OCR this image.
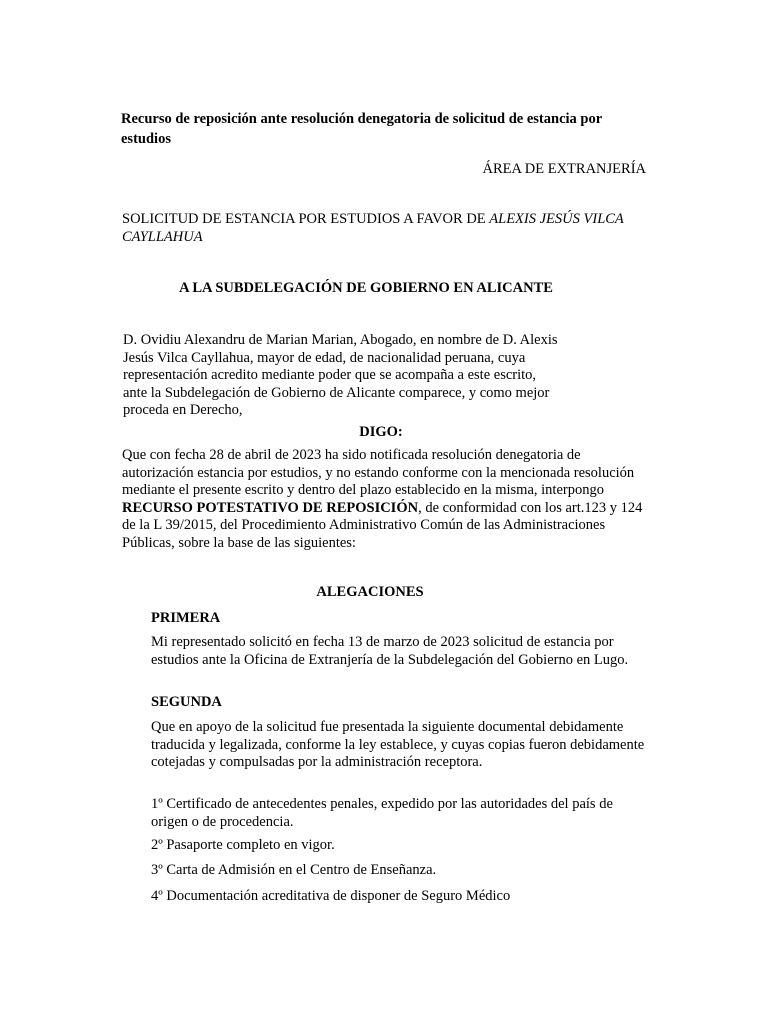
Recurso de reposición ante resolución denegatoria de solicitud de estancia por estudios

ÁREA DE EXTRANJERÍA

SOLICITUD DE ESTANCIA POR ESTUDIOS A FAVOR DE ALEXIS JESÚS VILCA CAYLLAHUA

A LA SUBDELEGACIÓN DE GOBIERNO EN ALICANTE

D. Ovidiu Alexandru de Marian Marian, Abogado, en nombre de D. Alexis Jesús Vilca Cayllahua, mayor de edad, de nacionalidad peruana, cuya representación acredito mediante poder que se acompaña a este escrito, ante la Subdelegación de Gobierno de Alicante comparece, y como mejor proceda en Derecho,

DIGO:

Que con fecha 28 de abril de 2023 ha sido notificada resolución denegatoria de autorización estancia por estudios, y no estando conforme con la mencionada resolución mediante el presente escrito y dentro del plazo establecido en la misma, interpongo RECURSO POTESTATIVO DE REPOSICIÓN, de conformidad con los art.123 y 124 de la L 39/2015, del Procedimiento Administrativo Común de las Administraciones Públicas, sobre la base de las siguientes:

ALEGACIONES

PRIMERA

Mi representado solicitó en fecha 13 de marzo de 2023 solicitud de estancia por estudios ante la Oficina de Extranjería de la Subdelegación del Gobierno en Lugo.

SEGUNDA

Que en apoyo de la solicitud fue presentada la siguiente documental debidamente traducida y legalizada, conforme la ley establece, y cuyas copias fueron debidamente cotejadas y compulsadas por la administración receptora.

1º Certificado de antecedentes penales, expedido por las autoridades del país de origen o de procedencia.

2º Pasaporte completo en vigor.

3º Carta de Admisión en el Centro de Enseñanza.

4º Documentación acreditativa de disponer de Seguro Médico
